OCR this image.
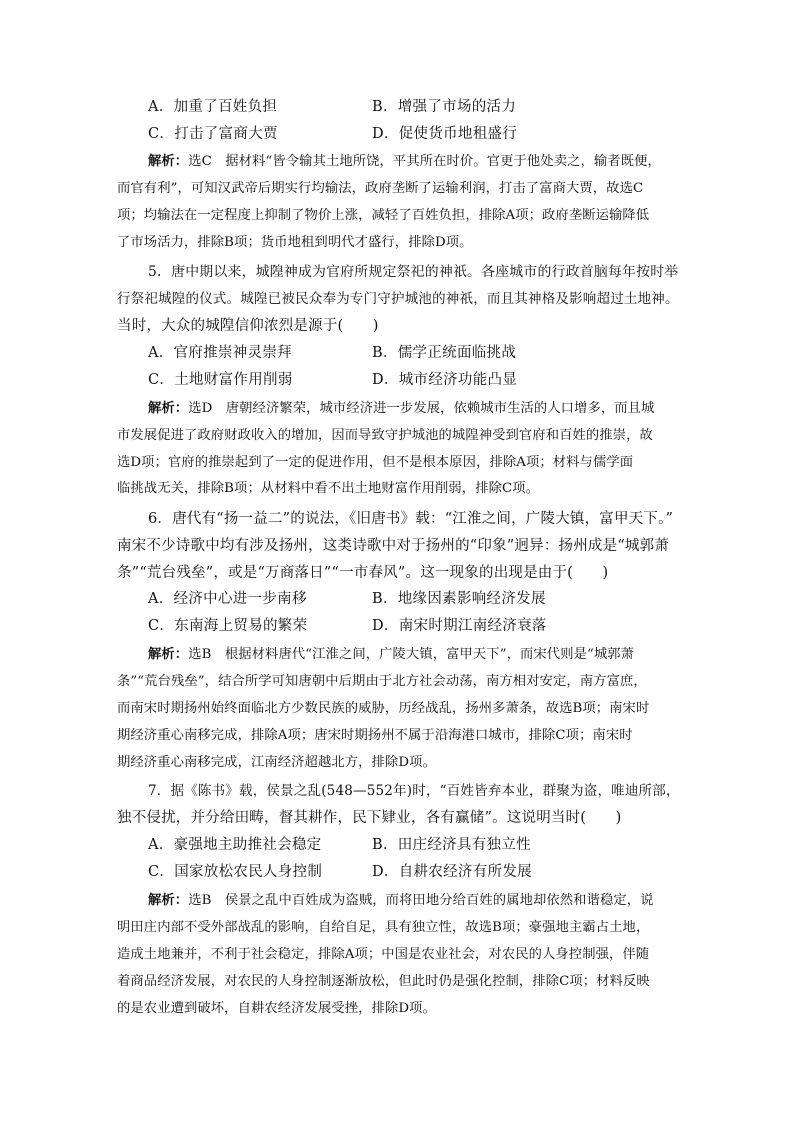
A．加重了百姓负担	B．增强了市场的活力
C．打击了富商大贾	D．促使货币地租盛行
解析：选C　据材料“皆令输其土地所饶，平其所在时价。官更于他处卖之，输者既便，
而官有利”，可知汉武帝后期实行均输法，政府垄断了运输利润，打击了富商大贾，故选C
项；均输法在一定程度上抑制了物价上涨，减轻了百姓负担，排除A项；政府垄断运输降低
了市场活力，排除B项；货币地租到明代才盛行，排除D项。
5．唐中期以来，城隍神成为官府所规定祭祀的神祇。各座城市的行政首脑每年按时举
行祭祀城隍的仪式。城隍已被民众奉为专门守护城池的神祇，而且其神格及影响超过土地神。
当时，大众的城隍信仰浓烈是源于(　　)
A．官府推崇神灵崇拜	B．儒学正统面临挑战
C．土地财富作用削弱	D．城市经济功能凸显
解析：选D　唐朝经济繁荣，城市经济进一步发展，依赖城市生活的人口增多，而且城
市发展促进了政府财政收入的增加，因而导致守护城池的城隍神受到官府和百姓的推崇，故
选D项；官府的推崇起到了一定的促进作用，但不是根本原因，排除A项；材料与儒学面
临挑战无关，排除B项；从材料中看不出土地财富作用削弱，排除C项。
6．唐代有“扬一益二”的说法，《旧唐书》载：“江淮之间，广陵大镇，富甲天下。”
南宋不少诗歌中均有涉及扬州，这类诗歌中对于扬州的“印象”迥异：扬州成是“城郭萧
条”“荒台残垒”，或是“万商落日”“一市春风”。这一现象的出现是由于(　　)
A．经济中心进一步南移	B．地缘因素影响经济发展
C．东南海上贸易的繁荣	D．南宋时期江南经济衰落
解析：选B　根据材料唐代“江淮之间，广陵大镇，富甲天下”，而宋代则是“城郭萧
条”“荒台残垒”，结合所学可知唐朝中后期由于北方社会动荡，南方相对安定，南方富庶，
而南宋时期扬州始终面临北方少数民族的威胁，历经战乱，扬州多萧条，故选B项；南宋时
期经济重心南移完成，排除A项；唐宋时期扬州不属于沿海港口城市，排除C项；南宋时
期经济重心南移完成，江南经济超越北方，排除D项。
7．据《陈书》载，侯景之乱(548—552年)时，“百姓皆弃本业，群聚为盗，唯迪所部，
独不侵扰，并分给田畴，督其耕作，民下肄业，各有赢储”。这说明当时(　　)
A．豪强地主助推社会稳定	B．田庄经济具有独立性
C．国家放松农民人身控制	D．自耕农经济有所发展
解析：选B　侯景之乱中百姓成为盗贼，而将田地分给百姓的属地却依然和谐稳定，说
明田庄内部不受外部战乱的影响，自给自足，具有独立性，故选B项；豪强地主霸占土地，
造成土地兼并，不利于社会稳定，排除A项；中国是农业社会，对农民的人身控制强，伴随
着商品经济发展，对农民的人身控制逐渐放松，但此时仍是强化控制，排除C项；材料反映
的是农业遭到破坏，自耕农经济发展受挫，排除D项。
